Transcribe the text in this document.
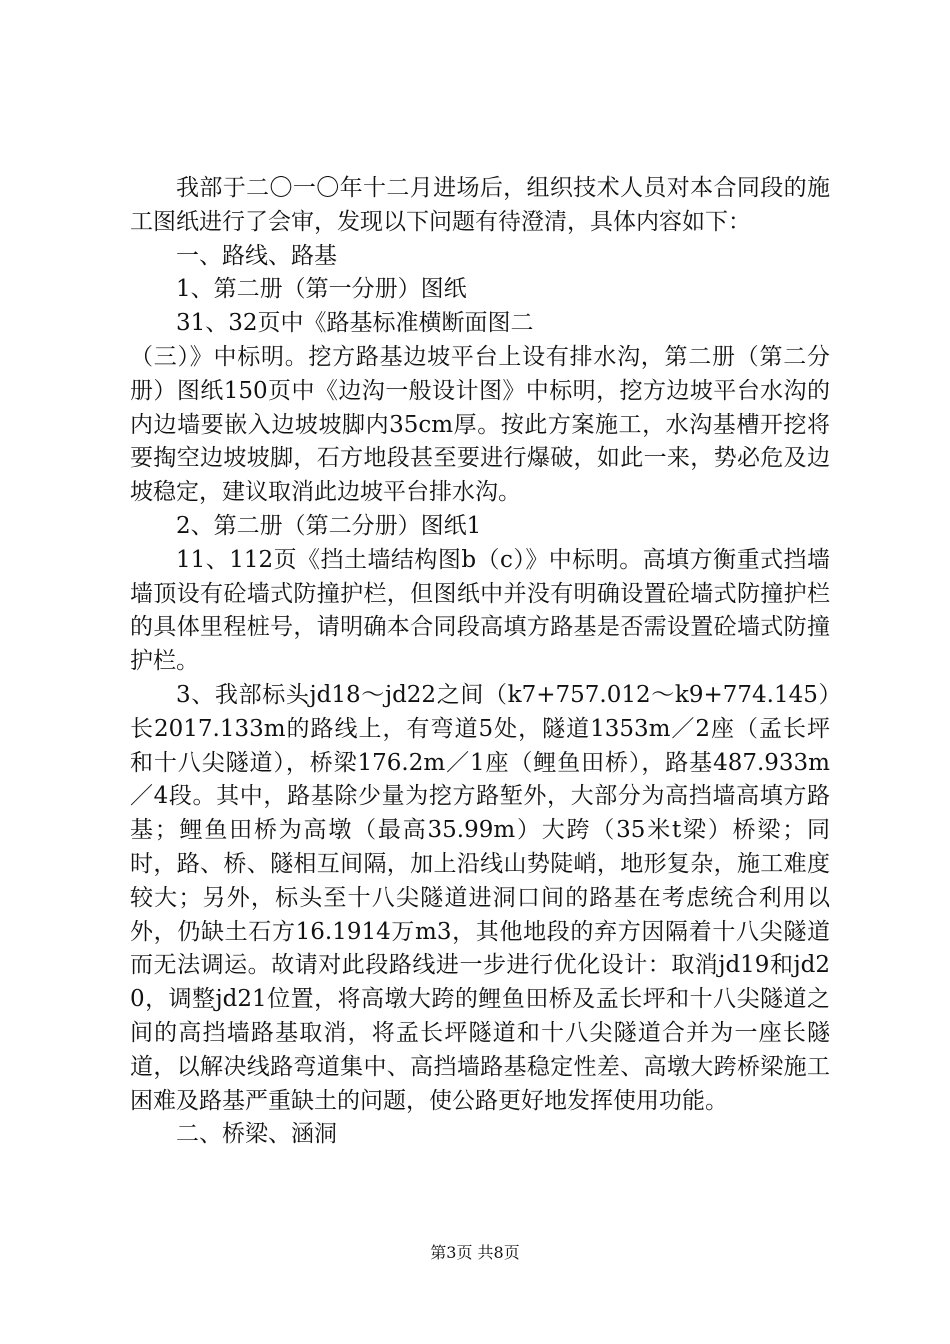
我部于二〇一〇年十二月进场后，组织技术人员对本合同段的施工图纸进行了会审，发现以下问题有待澄清，具体内容如下：

一、路线、路基

1、第二册（第一分册）图纸

31、32页中《路基标准横断面图二

（三）》中标明。挖方路基边坡平台上设有排水沟，第二册（第二分册）图纸150页中《边沟一般设计图》中标明，挖方边坡平台水沟的内边墙要嵌入边坡坡脚内35cm厚。按此方案施工，水沟基槽开挖将要掏空边坡坡脚，石方地段甚至要进行爆破，如此一来，势必危及边坡稳定，建议取消此边坡平台排水沟。

2、第二册（第二分册）图纸1

11、112页《挡土墙结构图b（c）》中标明。高填方衡重式挡墙墙顶设有砼墙式防撞护栏，但图纸中并没有明确设置砼墙式防撞护栏的具体里程桩号，请明确本合同段高填方路基是否需设置砼墙式防撞护栏。

3、我部标头jd18～jd22之间（k7+757.012～k9+774.145）长2017.133m的路线上，有弯道5处，隧道1353m／2座（孟长坪和十八尖隧道），桥梁176.2m／1座（鲤鱼田桥），路基487.933m／4段。其中，路基除少量为挖方路堑外，大部分为高挡墙高填方路基；鲤鱼田桥为高墩（最高35.99m）大跨（35米t梁）桥梁；同时，路、桥、隧相互间隔，加上沿线山势陡峭，地形复杂，施工难度较大；另外，标头至十八尖隧道进洞口间的路基在考虑统合利用以外，仍缺土石方16.1914万m3，其他地段的弃方因隔着十八尖隧道而无法调运。故请对此段路线进一步进行优化设计：取消jd19和jd20，调整jd21位置，将高墩大跨的鲤鱼田桥及孟长坪和十八尖隧道之间的高挡墙路基取消，将孟长坪隧道和十八尖隧道合并为一座长隧道，以解决线路弯道集中、高挡墙路基稳定性差、高墩大跨桥梁施工困难及路基严重缺土的问题，使公路更好地发挥使用功能。

二、桥梁、涵洞

第3页 共8页
